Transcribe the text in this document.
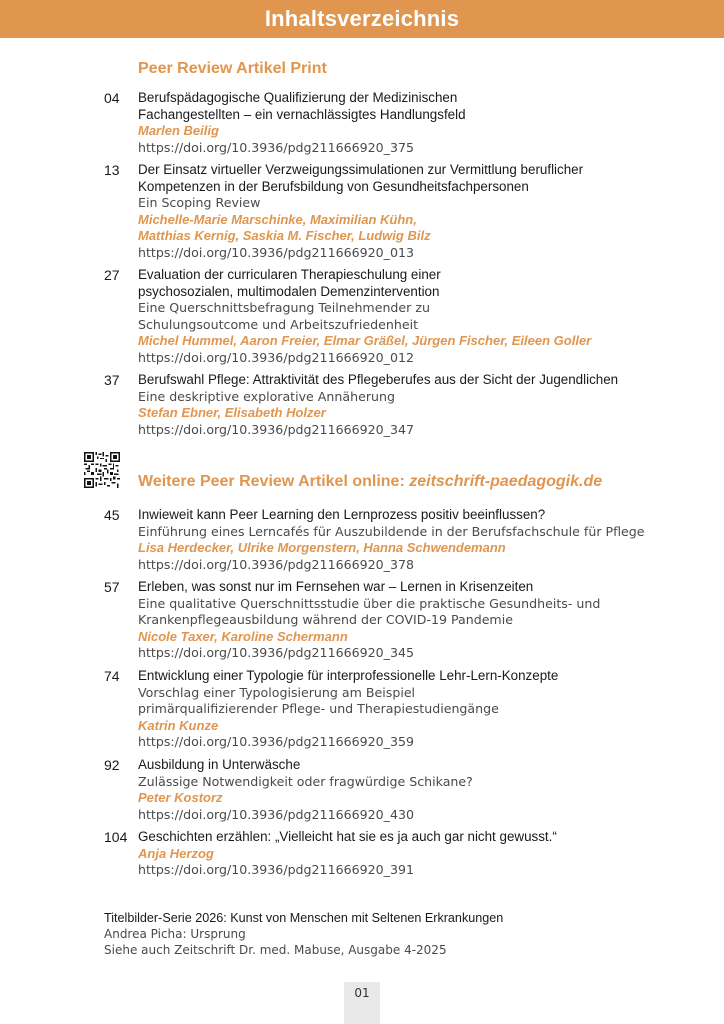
Inhaltsverzeichnis
Peer Review Artikel Print
04	Berufspädagogische Qualifizierung der Medizinischen
Fachangestellten – ein vernachlässigtes Handlungsfeld
Marlen Beilig
https://doi.org/10.3936/pdg211666920_375
13	Der Einsatz virtueller Verzweigungssimulationen zur Vermittlung beruflicher
Kompetenzen in der Berufsbildung von Gesundheitsfachpersonen
Ein Scoping Review
Michelle-Marie Marschinke, Maximilian Kühn,
Matthias Kernig, Saskia M. Fischer, Ludwig Bilz
https://doi.org/10.3936/pdg211666920_013
27	Evaluation der curricularen Therapieschulung einer
psychosozialen, multimodalen Demenzintervention
Eine Querschnittsbefragung Teilnehmender zu
Schulungsoutcome und Arbeitszufriedenheit
Michel Hummel, Aaron Freier, Elmar Gräßel, Jürgen Fischer, Eileen Goller
https://doi.org/10.3936/pdg211666920_012
37	Berufswahl Pflege: Attraktivität des Pflegeberufes aus der Sicht der Jugendlichen
Eine deskriptive explorative Annäherung
Stefan Ebner, Elisabeth Holzer
https://doi.org/10.3936/pdg211666920_347
Weitere Peer Review Artikel online: zeitschrift-paedagogik.de
45	Inwieweit kann Peer Learning den Lernprozess positiv beeinflussen?
Einführung eines Lerncafés für Auszubildende in der Berufsfachschule für Pflege
Lisa Herdecker, Ulrike Morgenstern, Hanna Schwendemann
https://doi.org/10.3936/pdg211666920_378
57	Erleben, was sonst nur im Fernsehen war – Lernen in Krisenzeiten
Eine qualitative Querschnittsstudie über die praktische Gesundheits- und
Krankenpflegeausbildung während der COVID-19 Pandemie
Nicole Taxer, Karoline Schermann
https://doi.org/10.3936/pdg211666920_345
74	Entwicklung einer Typologie für interprofessionelle Lehr-Lern-Konzepte
Vorschlag einer Typologisierung am Beispiel
primärqualifizierender Pflege- und Therapiestudiengänge
Katrin Kunze
https://doi.org/10.3936/pdg211666920_359
92	Ausbildung in Unterwäsche
Zulässige Notwendigkeit oder fragwürdige Schikane?
Peter Kostorz
https://doi.org/10.3936/pdg211666920_430
104 Geschichten erzählen: „Vielleicht hat sie es ja auch gar nicht gewusst.“
Anja Herzog
https://doi.org/10.3936/pdg211666920_391
Titelbilder-Serie 2026: Kunst von Menschen mit Seltenen Erkrankungen
Andrea Picha: Ursprung
Siehe auch Zeitschrift Dr. med. Mabuse, Ausgabe 4-2025
01
